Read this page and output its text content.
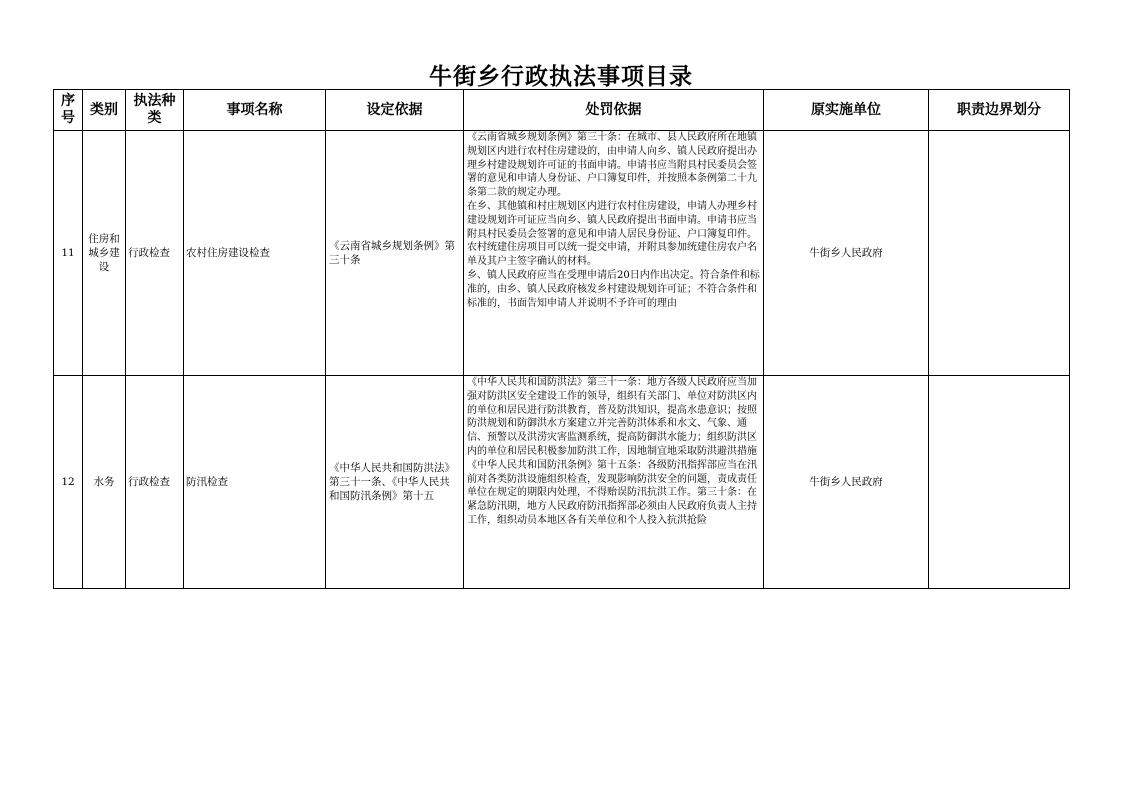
牛街乡行政执法事项目录
序号	类别	执法种类	事项名称	设定依据	处罚依据	原实施单位	职责边界划分
11	住房和城乡建设	行政检查	农村住房建设检查	《云南省城乡规划条例》第三十条	《云南省城乡规划条例》第三十条：在城市、县人民政府所在地镇规划区内进行农村住房建设的，由申请人向乡、镇人民政府提出办理乡村建设规划许可证的书面申请。申请书应当附具村民委员会签署的意见和申请人身份证、户口簿复印件，并按照本条例第二十九条第二款的规定办理。
在乡、其他镇和村庄规划区内进行农村住房建设，申请人办理乡村建设规划许可证应当向乡、镇人民政府提出书面申请。申请书应当附具村民委员会签署的意见和申请人居民身份证、户口簿复印件。农村统建住房项目可以统一提交申请，并附具参加统建住房农户名单及其户主签字确认的材料。
乡、镇人民政府应当在受理申请后20日内作出决定。符合条件和标准的，由乡、镇人民政府核发乡村建设规划许可证；不符合条件和标准的，书面告知申请人并说明不予许可的理由	牛街乡人民政府	
12	水务	行政检查	防汛检查	《中华人民共和国防洪法》第三十一条、《中华人民共和国防汛条例》第十五	《中华人民共和国防洪法》第三十一条：地方各级人民政府应当加强对防洪区安全建设工作的领导，组织有关部门、单位对防洪区内的单位和居民进行防洪教育，普及防洪知识，提高水患意识；按照防洪规划和防御洪水方案建立并完善防洪体系和水文、气象、通信、预警以及洪涝灾害监测系统，提高防御洪水能力；组织防洪区内的单位和居民积极参加防洪工作，因地制宜地采取防洪避洪措施
《中华人民共和国防汛条例》第十五条：各级防汛指挥部应当在汛前对各类防洪设施组织检查，发现影响防洪安全的问题，责成责任单位在规定的期限内处理，不得贻误防汛抗洪工作。第三十条：在紧急防汛期，地方人民政府防汛指挥部必须由人民政府负责人主持工作，组织动员本地区各有关单位和个人投入抗洪抢险	牛街乡人民政府	
